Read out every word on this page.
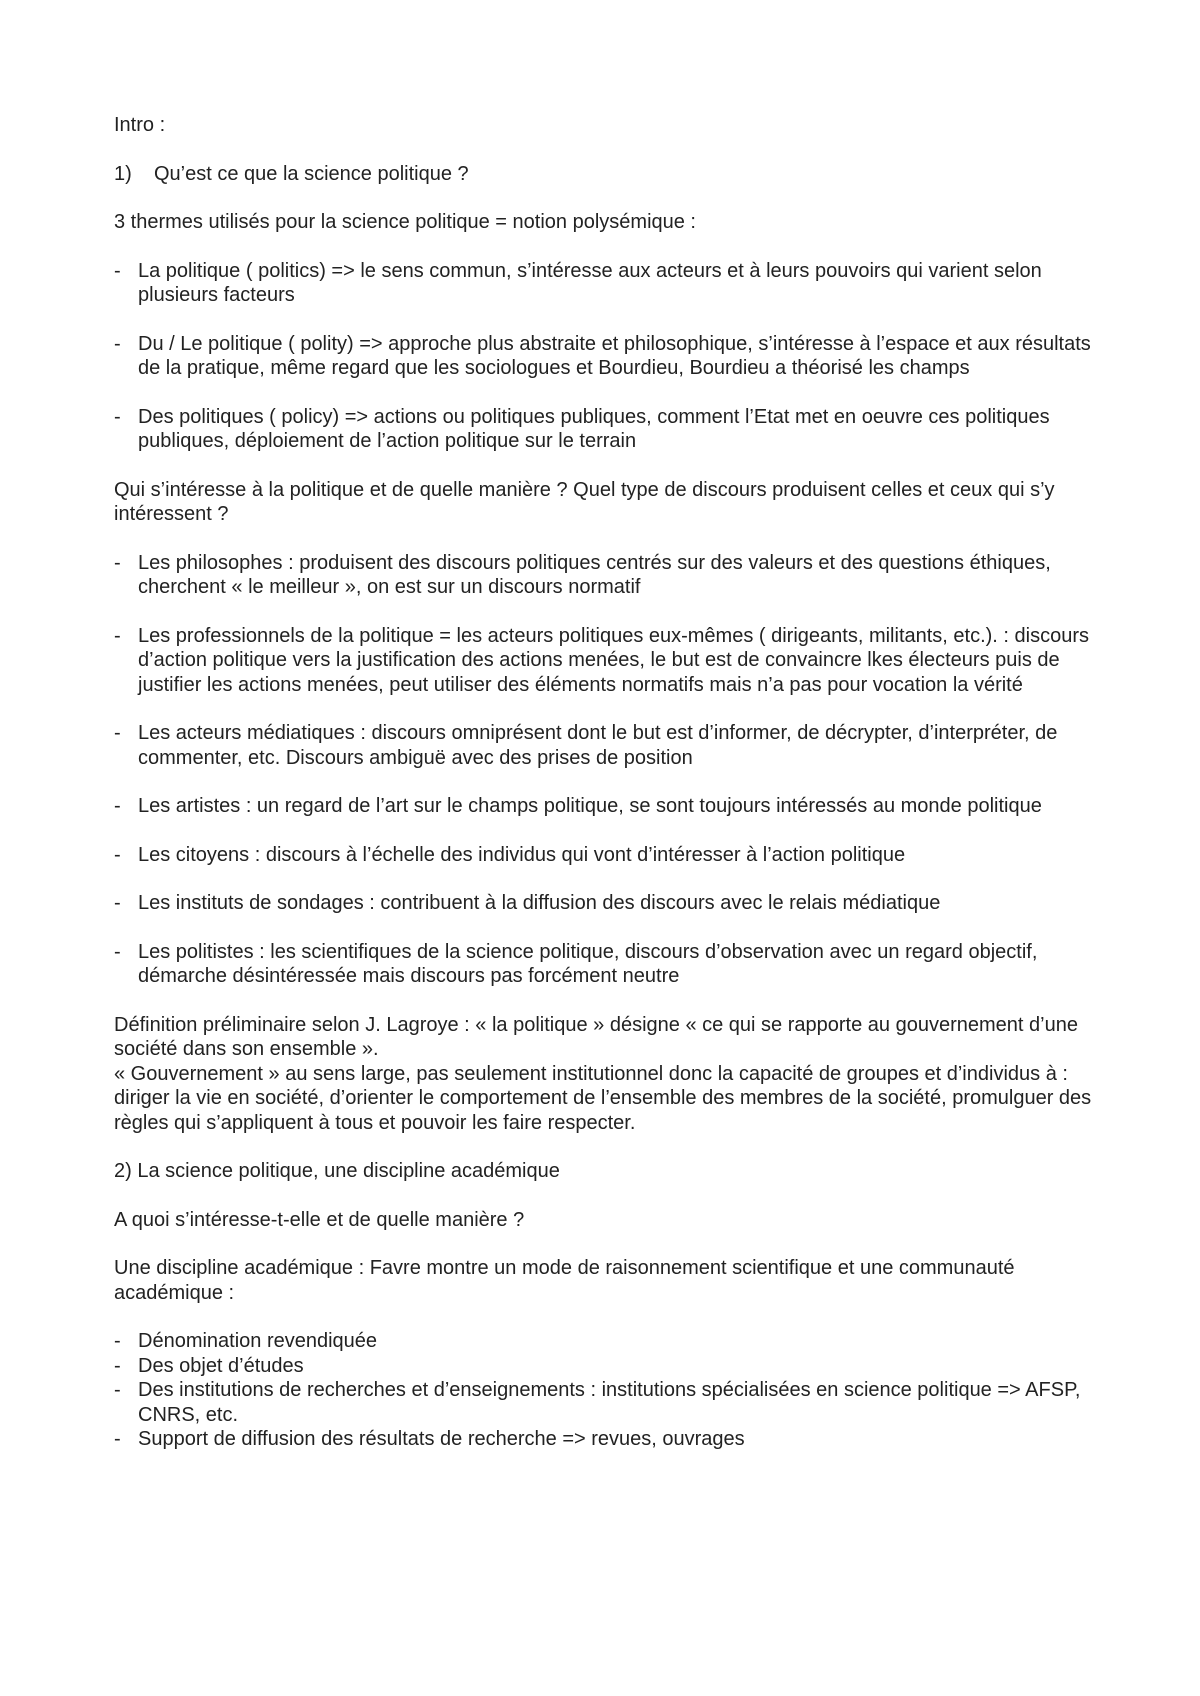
Intro :

1)	Qu’est ce que la science politique ?

3 thermes utilisés pour la science politique = notion polysémique :

- La politique ( politics) => le sens commun, s’intéresse aux acteurs et à leurs pouvoirs qui varient selon plusieurs facteurs
- Du / Le politique ( polity) => approche plus abstraite et philosophique, s’intéresse à l’espace et aux résultats de la pratique, même regard que les sociologues et Bourdieu, Bourdieu a théorisé les champs
- Des politiques ( policy) => actions ou politiques publiques, comment l’Etat met en oeuvre ces politiques publiques, déploiement de l’action politique sur le terrain

Qui s’intéresse à la politique et de quelle manière ? Quel type de discours produisent celles et ceux qui s’y intéressent ?

- Les philosophes : produisent des discours politiques centrés sur des valeurs et des questions éthiques, cherchent « le meilleur », on est sur un discours normatif
- Les professionnels de la politique = les acteurs politiques eux-mêmes ( dirigeants, militants, etc.). : discours d’action politique vers la justification des actions menées, le but est de convaincre lkes électeurs puis de justifier les actions menées, peut utiliser des éléments normatifs mais n’a pas pour vocation la vérité
- Les acteurs médiatiques : discours omniprésent dont le but est d’informer, de décrypter, d’interpréter, de commenter, etc. Discours ambiguë avec des prises de position
- Les artistes : un regard de l’art sur le champs politique, se sont toujours intéressés au monde politique
- Les citoyens : discours à l’échelle des individus qui vont d’intéresser à l’action politique
- Les instituts de sondages : contribuent à la diffusion des discours avec le relais médiatique
- Les politistes : les scientifiques de la science politique, discours d’observation avec un regard objectif, démarche désintéressée mais discours pas forcément neutre
Définition préliminaire selon J. Lagroye : « la politique » désigne « ce qui se rapporte au gouvernement d’une société dans son ensemble ».
« Gouvernement » au sens large, pas seulement institutionnel donc la capacité de groupes et d’individus à : diriger la vie en société, d’orienter le comportement de l’ensemble des membres de la société, promulguer des règles qui s’appliquent à tous et pouvoir les faire respecter.

2) La science politique, une discipline académique

A quoi s’intéresse-t-elle et de quelle manière ?

Une discipline académique : Favre montre un mode de raisonnement scientifique et une communauté académique :

- Dénomination revendiquée
- Des objet d’études
- Des institutions de recherches et d’enseignements : institutions spécialisées en science politique => AFSP, CNRS, etc.
- Support de diffusion des résultats de recherche => revues, ouvrages
